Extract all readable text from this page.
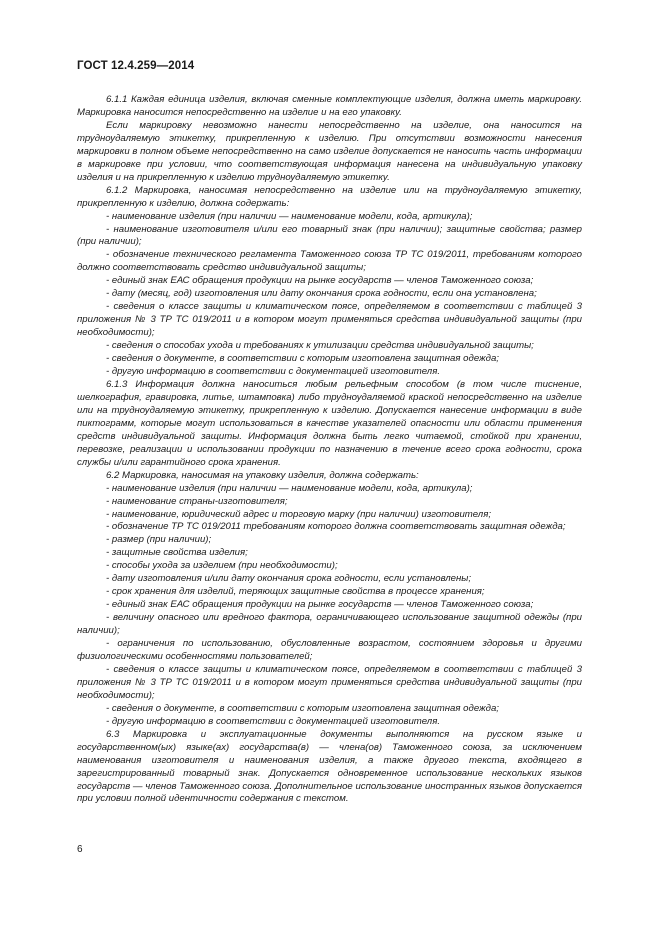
ГОСТ 12.4.259—2014

6.1.1 Каждая единица изделия, включая сменные комплектующие изделия, должна иметь маркировку. Маркировка наносится непосредственно на изделие и на его упаковку.

Если маркировку невозможно нанести непосредственно на изделие, она наносится на трудноудаляемую этикетку, прикрепленную к изделию. При отсутствии возможности нанесения маркировки в полном объеме непосредственно на само изделие допускается не наносить часть информации в маркировке при условии, что соответствующая информация нанесена на индивидуальную упаковку изделия и на прикрепленную к изделию трудноудаляемую этикетку.

6.1.2 Маркировка, наносимая непосредственно на изделие или на трудноудаляемую этикетку, прикрепленную к изделию, должна содержать:

- наименование изделия (при наличии — наименование модели, кода, артикула);

- наименование изготовителя и/или его товарный знак (при наличии); защитные свойства; размер (при наличии);

- обозначение технического регламента Таможенного союза ТР ТС 019/2011, требованиям которого должно соответствовать средство индивидуальной защиты;

- единый знак ЕАС обращения продукции на рынке государств — членов Таможенного союза;

- дату (месяц, год) изготовления или дату окончания срока годности, если она установлена;

- сведения о классе защиты и климатическом поясе, определяемом в соответствии с таблицей 3 приложения № 3 ТР ТС 019/2011 и в котором могут применяться средства индивидуальной защиты (при необходимости);

- сведения о способах ухода и требованиях к утилизации средства индивидуальной защиты;

- сведения о документе, в соответствии с которым изготовлена защитная одежда;

- другую информацию в соответствии с документацией изготовителя.

6.1.3 Информация должна наноситься любым рельефным способом (в том числе тиснение, шелкография, гравировка, литье, штамповка) либо трудноудаляемой краской непосредственно на изделие или на трудноудаляемую этикетку, прикрепленную к изделию. Допускается нанесение информации в виде пиктограмм, которые могут использоваться в качестве указателей опасности или области применения средств индивидуальной защиты. Информация должна быть легко читаемой, стойкой при хранении, перевозке, реализации и использовании продукции по назначению в течение всего срока годности, срока службы и/или гарантийного срока хранения.

6.2 Маркировка, наносимая на упаковку изделия, должна содержать:

- наименование изделия (при наличии — наименование модели, кода, артикула);

- наименование страны-изготовителя;

- наименование, юридический адрес и торговую марку (при наличии) изготовителя;

- обозначение ТР ТС 019/2011 требованиям которого должна соответствовать защитная одежда;

- размер (при наличии);

- защитные свойства изделия;

- способы ухода за изделием (при необходимости);

- дату изготовления и/или дату окончания срока годности, если установлены;

- срок хранения для изделий, теряющих защитные свойства в процессе хранения;

- единый знак ЕАС обращения продукции на рынке государств — членов Таможенного союза;

- величину опасного или вредного фактора, ограничивающего использование защитной одежды (при наличии);

- ограничения по использованию, обусловленные возрастом, состоянием здоровья и другими физиологическими особенностями пользователей;

- сведения о классе защиты и климатическом поясе, определяемом в соответствии с таблицей 3 приложения № 3 ТР ТС 019/2011 и в котором могут применяться средства индивидуальной защиты (при необходимости);

- сведения о документе, в соответствии с которым изготовлена защитная одежда;

- другую информацию в соответствии с документацией изготовителя.

6.3 Маркировка и эксплуатационные документы выполняются на русском языке и государственном(ых) языке(ах) государства(в) — члена(ов) Таможенного союза, за исключением наименования изготовителя и наименования изделия, а также другого текста, входящего в зарегистрированный товарный знак. Допускается одновременное использование нескольких языков государств — членов Таможенного союза. Дополнительное использование иностранных языков допускается при условии полной идентичности содержания с текстом.

6
